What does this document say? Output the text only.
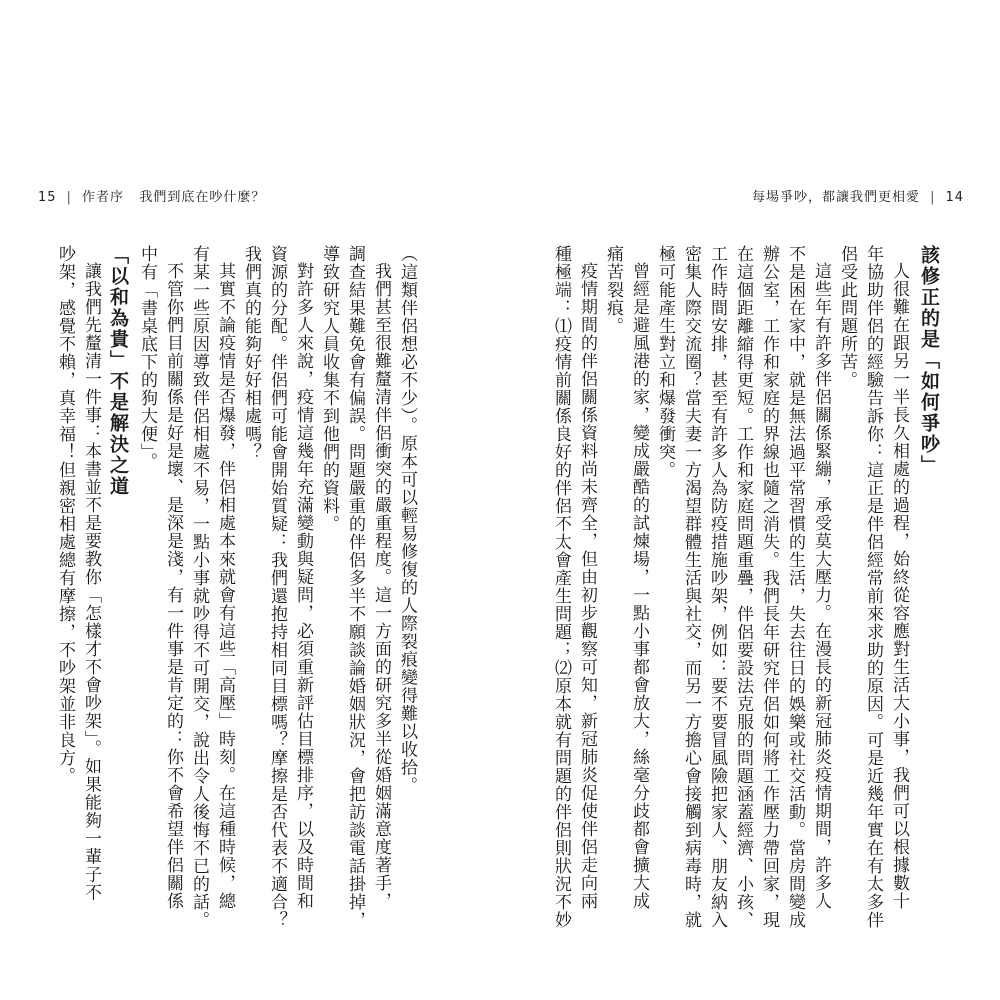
15 | 作者序 我們到底在吵什麼？	每場爭吵，都讓我們更相愛 | 14
該修正的是「如何爭吵」
人很難在跟另一半長久相處的過程，始終從容應對生活大小事，我們可以根據數十
年協助伴侶的經驗告訴你：這正是伴侶經常前來求助的原因。可是近幾年實在有太多伴
侶受此問題所苦。
這些年有許多伴侶關係緊繃，承受莫大壓力。在漫長的新冠肺炎疫情期間，許多人
不是困在家中，就是無法過平常習慣的生活，失去往日的娛樂或社交活動。當房間變成
辦公室，工作和家庭的界線也隨之消失。我們長年研究伴侶如何將工作壓力帶回家，現
在這個距離縮得更短。工作和家庭問題重疊，伴侶要設法克服的問題涵蓋經濟、小孩、
工作時間安排，甚至有許多人為防疫措施吵架，例如：要不要冒風險把家人、朋友納入
密集人際交流圈？當夫妻一方渴望群體生活與社交，而另一方擔心會接觸到病毒時，就
極可能產生對立和爆發衝突。
曾經是避風港的家，變成嚴酷的試煉場，一點小事都會放大，絲毫分歧都會擴大成
痛苦裂痕。
疫情期間的伴侶關係資料尚未齊全，但由初步觀察可知，新冠肺炎促使伴侶走向兩
種極端：⑴疫情前關係良好的伴侶不太會產生問題；⑵原本就有問題的伴侶則狀況不妙
（這類伴侶想必不少）。原本可以輕易修復的人際裂痕變得難以收拾。
我們甚至很難釐清伴侶衝突的嚴重程度。這一方面的研究多半從婚姻滿意度著手，
調查結果難免會有偏誤。問題嚴重的伴侶多半不願談論婚姻狀況，會把訪談電話掛掉，
導致研究人員收集不到他們的資料。
對許多人來說，疫情這幾年充滿變動與疑問，必須重新評估目標排序，以及時間和
資源的分配。伴侶們可能會開始質疑：我們還抱持相同目標嗎？摩擦是否代表不適合？
我們真的能夠好好相處嗎？
其實不論疫情是否爆發，伴侶相處本來就會有這些「高壓」時刻。在這種時候，總
有某一些原因導致伴侶相處不易，一點小事就吵得不可開交，說出令人後悔不已的話。
不管你們目前關係是好是壞、是深是淺，有一件事是肯定的：你不會希望伴侶關係
中有「書桌底下的狗大便」。
「以和為貴」不是解決之道
讓我們先釐清一件事：本書並不是要教你「怎樣才不會吵架」。如果能夠一輩子不
吵架，感覺不賴，真幸福！但親密相處總有摩擦，不吵架並非良方。
